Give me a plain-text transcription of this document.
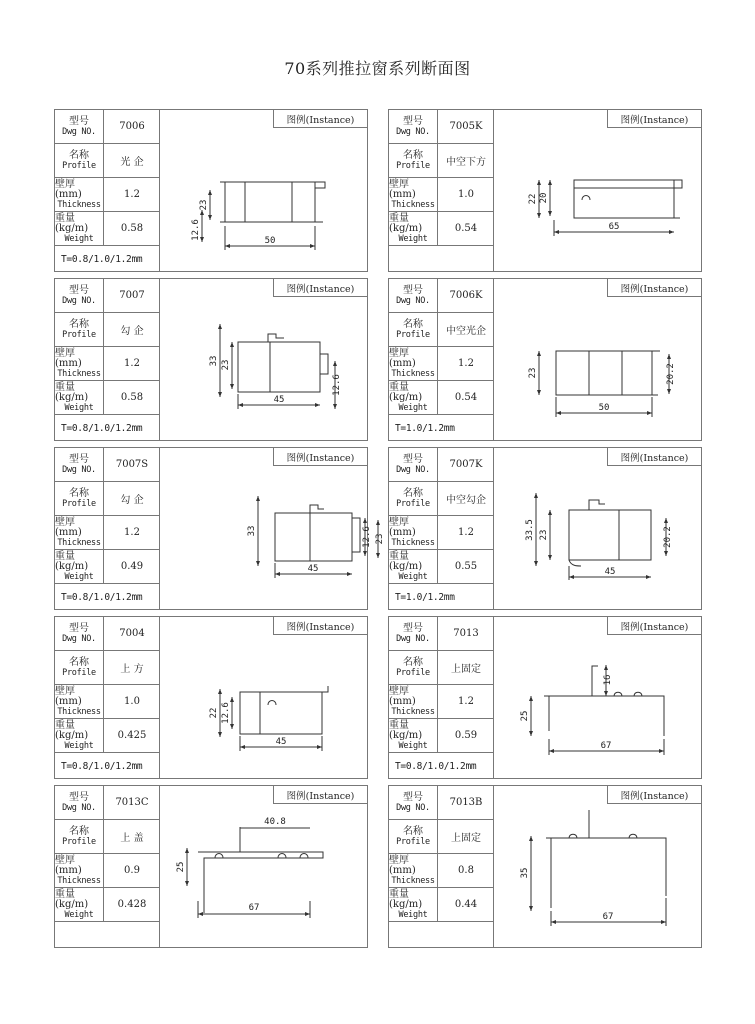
70系列推拉窗系列断面图
型号
Dwg NO.	7006
名称
Profile	光 企
壁厚 (mm)
Thickness
1.2
重量 (kg/m)
Weight
0.58
T=0.8/1.0/1.2mm
图例(Instance)
23
12.6
50
型号
Dwg NO.	7005K
名称
Profile	中空下方
壁厚 (mm)
Thickness
1.0
重量 (kg/m)
Weight
0.54
图例(Instance)
22 20
65
型号
Dwg NO.	7007
名称
Profile	勾 企
壁厚 (mm)
Thickness
1.2
重量 (kg/m)
Weight
0.58
T=0.8/1.0/1.2mm
图例(Instance)
33 23
45
12.6
型号
Dwg NO.	7006K
名称
Profile	中空光企
壁厚 (mm)
Thickness
1.2
重量 (kg/m)
Weight
0.54
T=1.0/1.2mm
图例(Instance)
23	20.2
50
型号
Dwg NO.	7007S
名称
Profile	勾 企
壁厚 (mm)
Thickness
1.2
重量 (kg/m)
Weight
0.49
T=0.8/1.0/1.2mm
图例(Instance)
33	12.6 23
45
型号
Dwg NO.	7007K
名称
Profile	中空勾企
壁厚 (mm)
Thickness
1.2
重量 (kg/m)
Weight
0.55
T=1.0/1.2mm
图例(Instance)
33.5 23	20.2
45
型号
Dwg NO.	7004
名称
Profile	上 方
壁厚 (mm)
Thickness
1.0
重量 (kg/m)
Weight
0.425
T=0.8/1.0/1.2mm
图例(Instance)
22 12.6
45
型号
Dwg NO.	7013
名称
Profile	上固定
壁厚 (mm)
Thickness
1.2
重量 (kg/m)
Weight
0.59
T=0.8/1.0/1.2mm
图例(Instance)
25
16
67
型号
Dwg NO.	7013C
名称
Profile	上 盖
壁厚 (mm)
Thickness
0.9
重量 (kg/m)
Weight
0.428
图例(Instance)
25
40.8
67
型号
Dwg NO.	7013B
名称
Profile	上固定
壁厚 (mm)
Thickness
0.8
重量 (kg/m)
Weight
0.44
图例(Instance)
35
67
